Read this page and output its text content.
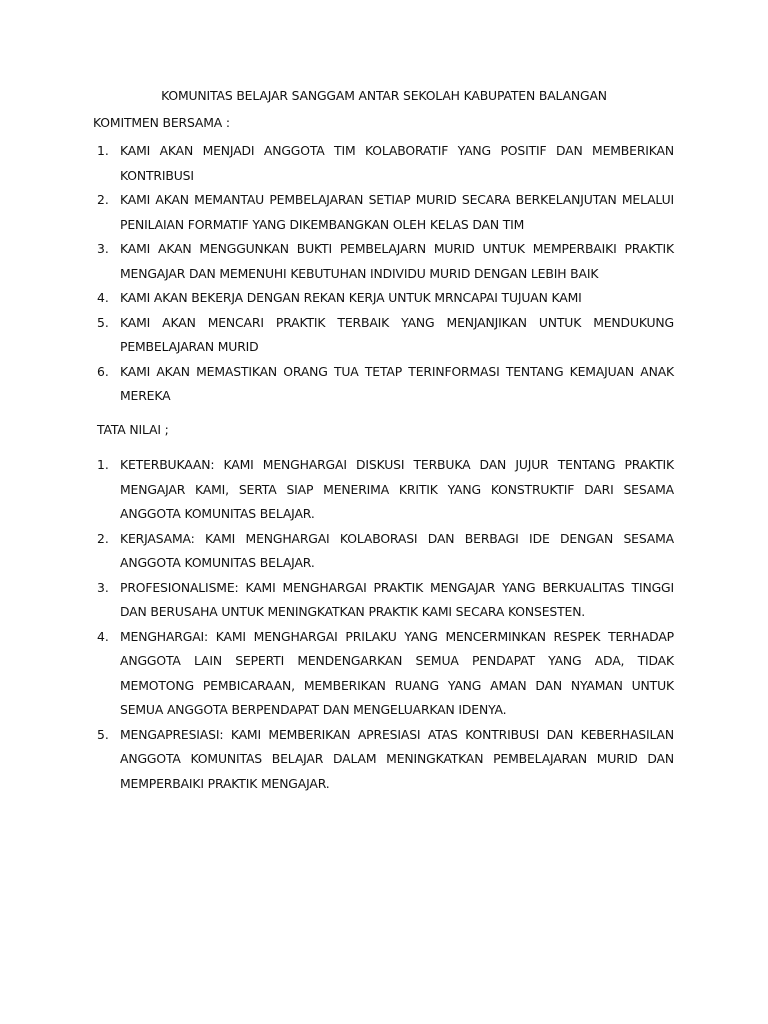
KOMUNITAS BELAJAR SANGGAM ANTAR SEKOLAH KABUPATEN BALANGAN
KOMITMEN BERSAMA :
1. KAMI AKAN MENJADI ANGGOTA TIM KOLABORATIF YANG POSITIF DAN MEMBERIKAN KONTRIBUSI
2. KAMI AKAN MEMANTAU PEMBELAJARAN SETIAP MURID SECARA BERKELANJUTAN MELALUI PENILAIAN FORMATIF YANG DIKEMBANGKAN OLEH KELAS DAN TIM
3. KAMI AKAN MENGGUNKAN BUKTI PEMBELAJARN MURID UNTUK MEMPERBAIKI PRAKTIK MENGAJAR DAN MEMENUHI KEBUTUHAN INDIVIDU MURID DENGAN LEBIH BAIK
4. KAMI AKAN BEKERJA DENGAN REKAN KERJA UNTUK MRNCAPAI TUJUAN KAMI
5. KAMI AKAN MENCARI PRAKTIK TERBAIK YANG MENJANJIKAN UNTUK MENDUKUNG PEMBELAJARAN MURID
6. KAMI AKAN MEMASTIKAN ORANG TUA TETAP TERINFORMASI TENTANG KEMAJUAN ANAK MEREKA
TATA NILAI ;
1. KETERBUKAAN: KAMI MENGHARGAI DISKUSI TERBUKA DAN JUJUR TENTANG PRAKTIK MENGAJAR KAMI, SERTA SIAP MENERIMA KRITIK YANG KONSTRUKTIF DARI SESAMA ANGGOTA KOMUNITAS BELAJAR.
2. KERJASAMA: KAMI MENGHARGAI KOLABORASI DAN BERBAGI IDE DENGAN SESAMA ANGGOTA KOMUNITAS BELAJAR.
3. PROFESIONALISME: KAMI MENGHARGAI PRAKTIK MENGAJAR YANG BERKUALITAS TINGGI DAN BERUSAHA UNTUK MENINGKATKAN PRAKTIK KAMI SECARA KONSESTEN.
4. MENGHARGAI: KAMI MENGHARGAI PRILAKU YANG MENCERMINKAN RESPEK TERHADAP ANGGOTA LAIN SEPERTI MENDENGARKAN SEMUA PENDAPAT YANG ADA, TIDAK MEMOTONG PEMBICARAAN, MEMBERIKAN RUANG YANG AMAN DAN NYAMAN UNTUK SEMUA ANGGOTA BERPENDAPAT DAN MENGELUARKAN IDENYA.
5. MENGAPRESIASI: KAMI MEMBERIKAN APRESIASI ATAS KONTRIBUSI DAN KEBERHASILAN ANGGOTA KOMUNITAS BELAJAR DALAM MENINGKATKAN PEMBELAJARAN MURID DAN MEMPERBAIKI PRAKTIK MENGAJAR.
